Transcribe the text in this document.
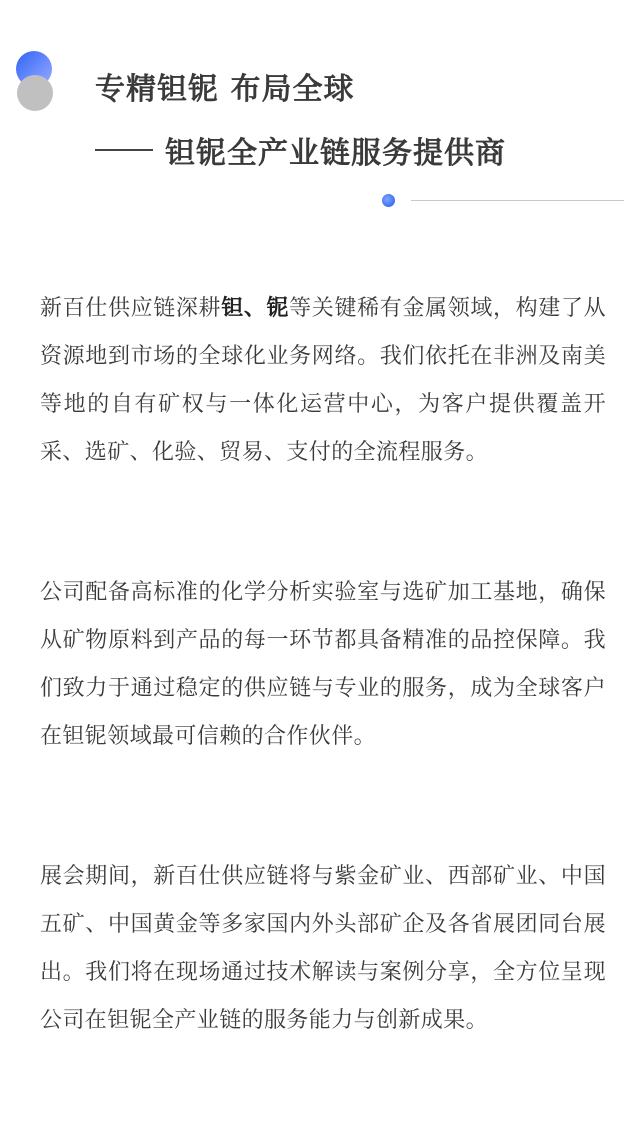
专精钽铌 布局全球
钽铌全产业链服务提供商

新百仕供应链深耕钽、铌等关键稀有金属领域，构建了从资源地到市场的全球化业务网络。我们依托在非洲及南美等地的自有矿权与一体化运营中心，为客户提供覆盖开采、选矿、化验、贸易、支付的全流程服务。

公司配备高标准的化学分析实验室与选矿加工基地，确保从矿物原料到产品的每一环节都具备精准的品控保障。我们致力于通过稳定的供应链与专业的服务，成为全球客户在钽铌领域最可信赖的合作伙伴。

展会期间，新百仕供应链将与紫金矿业、西部矿业、中国五矿、中国黄金等多家国内外头部矿企及各省展团同台展出。我们将在现场通过技术解读与案例分享，全方位呈现公司在钽铌全产业链的服务能力与创新成果。
